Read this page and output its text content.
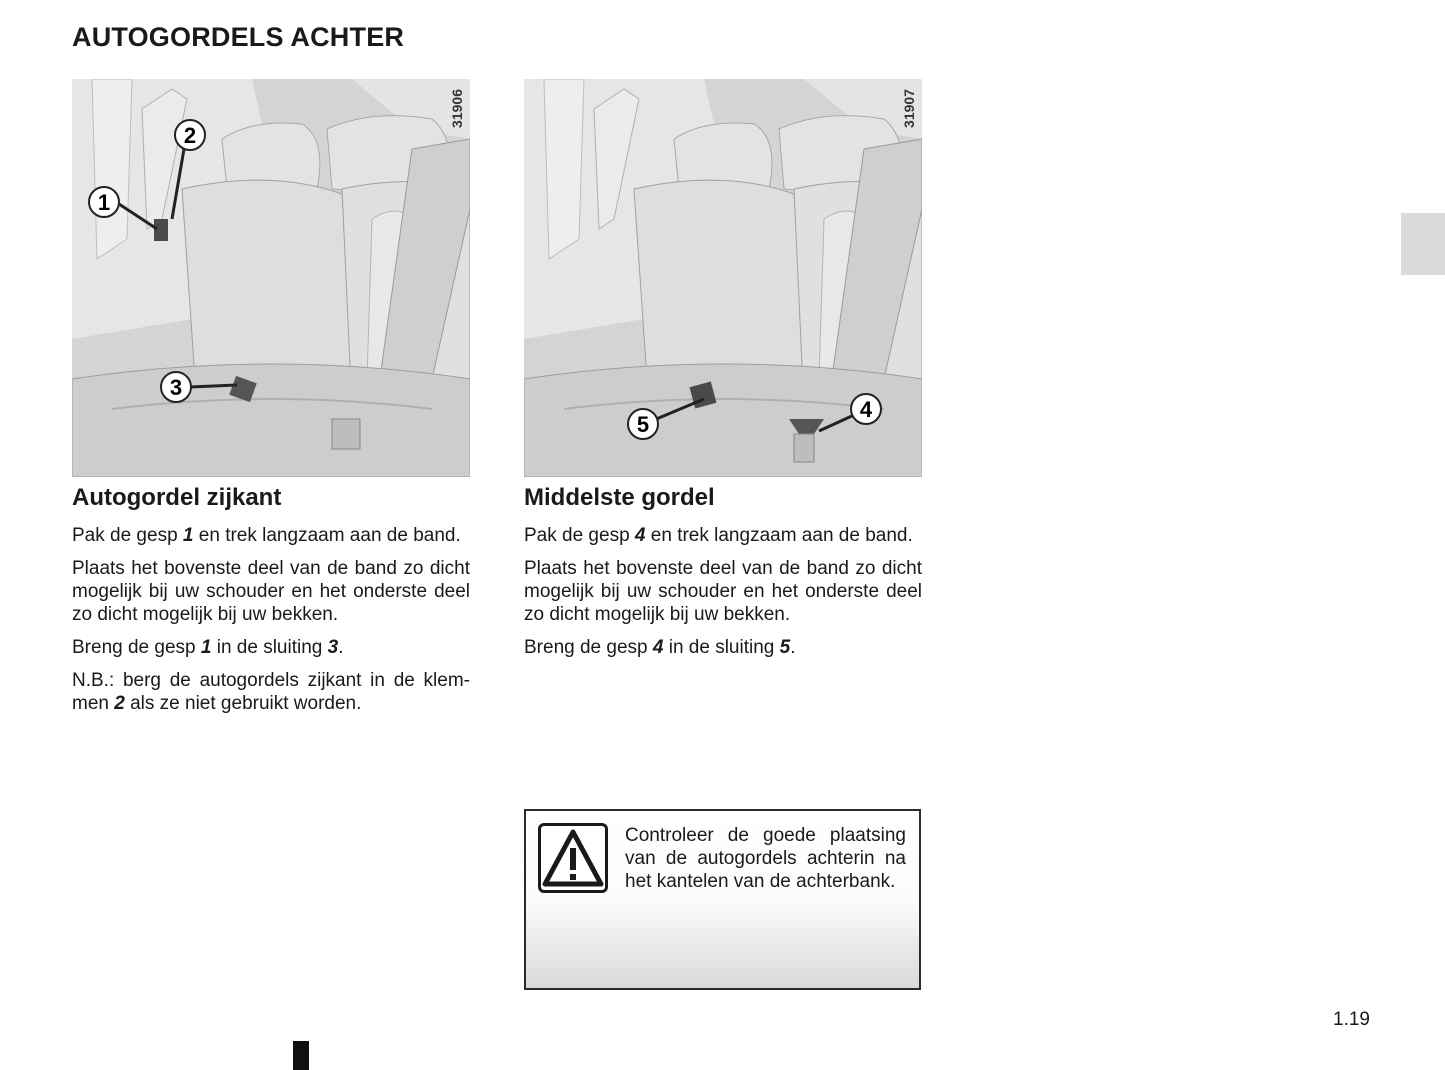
AUTOGORDELS ACHTER
31906
1
2
3
31907
4
5
Autogordel zijkant

Pak de gesp 1 en trek langzaam aan de band.

Plaats het bovenste deel van de band zo dicht mogelijk bij uw schouder en het onderste deel zo dicht mogelijk bij uw bekken.

Breng de gesp 1 in de sluiting 3.

N.B.: berg de autogordels zijkant in de klemmen 2 als ze niet gebruikt worden.

Middelste gordel

Pak de gesp 4 en trek langzaam aan de band.

Plaats het bovenste deel van de band zo dicht mogelijk bij uw schouder en het onderste deel zo dicht mogelijk bij uw bekken.

Breng de gesp 4 in de sluiting 5.

Controleer de goede plaatsing van de autogordels achterin na het kantelen van de achterbank.

1.19
